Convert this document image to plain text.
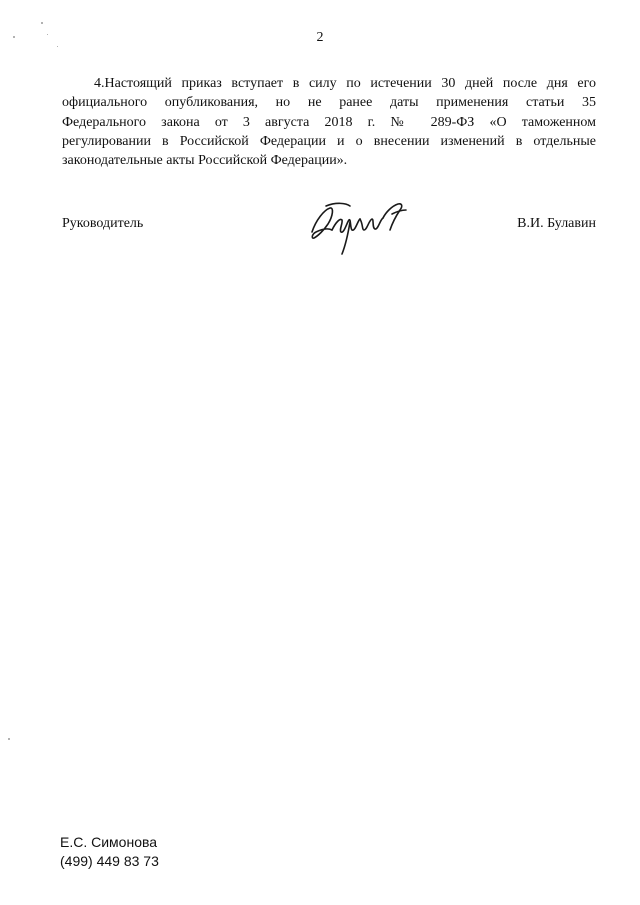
2
4.Настоящий приказ вступает в силу по истечении 30 дней после дня его
официального опубликования, но не ранее даты применения статьи 35
Федерального закона от 3 августа 2018 г. № 289-ФЗ «О таможенном
регулировании в Российской Федерации и о внесении изменений в отдельные
законодательные акты Российской Федерации».
Руководитель	В.И. Булавин
Е.С. Симонова
(499) 449 83 73
